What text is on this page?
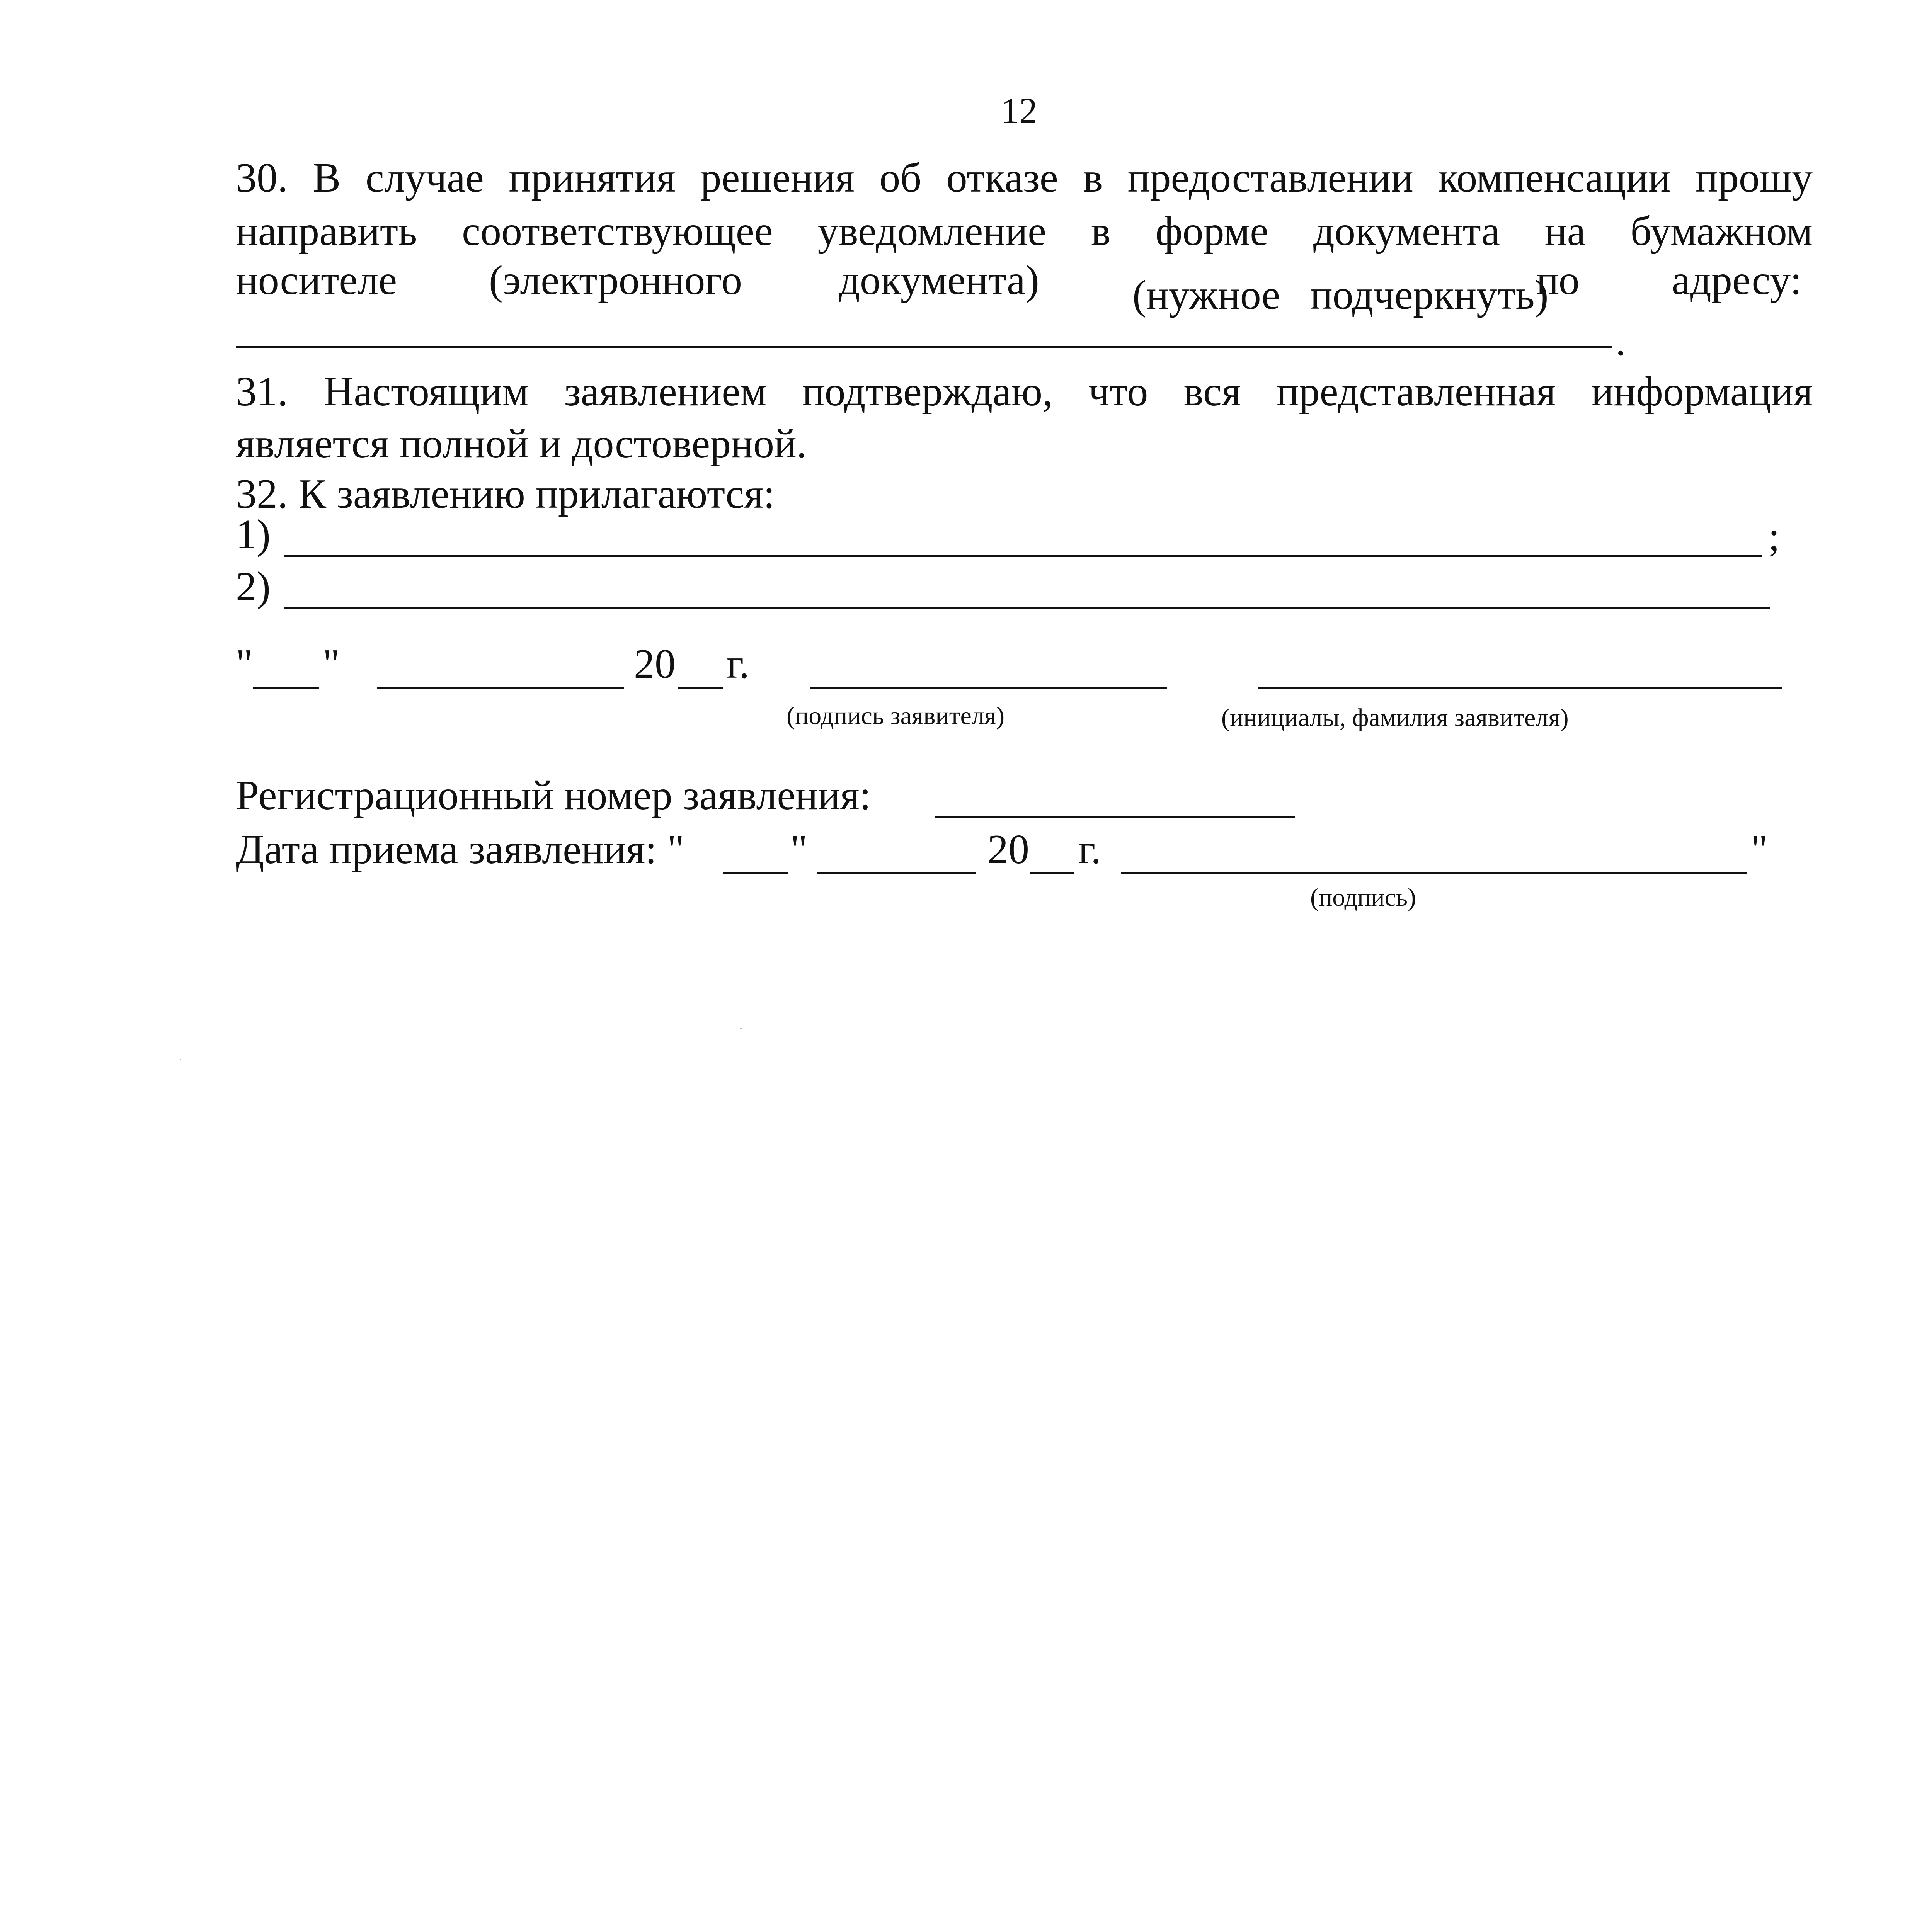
12
30. В случае принятия решения об отказе в предоставлении компенсации прошу
направить соответствующее уведомление в форме документа на бумажном
носителе (электронного документа) (нужное подчеркнуть)
по адресу:
.
31. Настоящим заявлением подтверждаю, что вся представленная информация
является полной и достоверной.
32. К заявлению прилагаются:
1)	;
2)
" "	20 г.
(подпись заявителя)	(инициалы, фамилия заявителя)
Регистрационный номер заявления:
Дата приема заявления: "	"	20 г.	"
(подпись)
